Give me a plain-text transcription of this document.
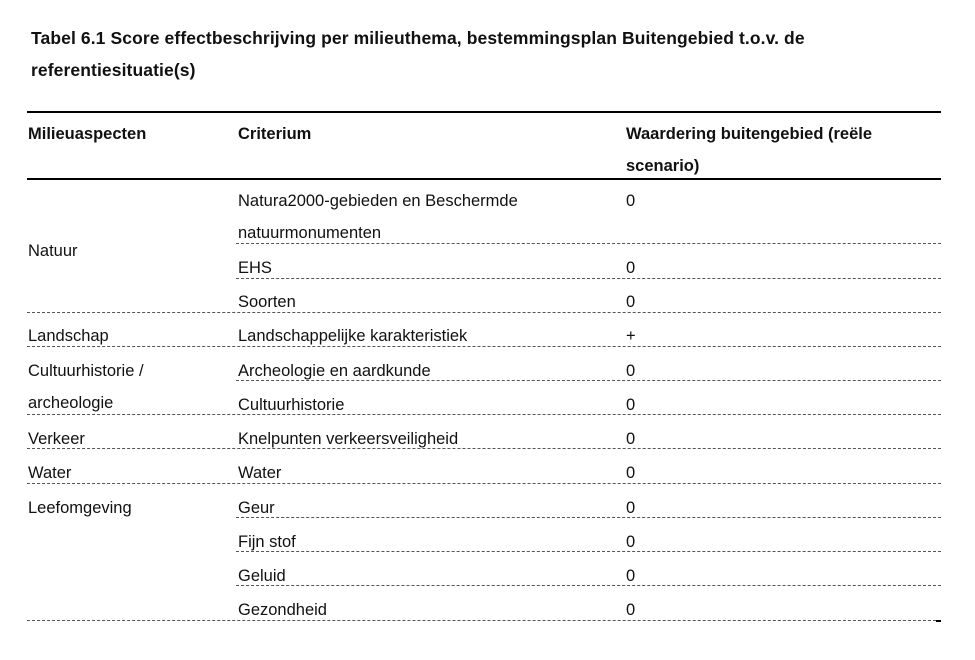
Tabel 6.1 Score effectbeschrijving per milieuthema, bestemmingsplan Buitengebied t.o.v. de referentiesituatie(s)
Milieuaspecten	Criterium	Waardering buitengebied (reële scenario)
Natuur
Landschap
Cultuurhistorie / archeologie
Verkeer
Water
Leefomgeving
Natura2000-gebieden en Beschermde natuurmonumenten
EHS
Soorten
Landschappelijke karakteristiek
Archeologie en aardkunde
Cultuurhistorie
Knelpunten verkeersveiligheid
Water
Geur
Fijn stof
Geluid
Gezondheid
0
0
0
+
0
0
0
0
0
0
0
0
